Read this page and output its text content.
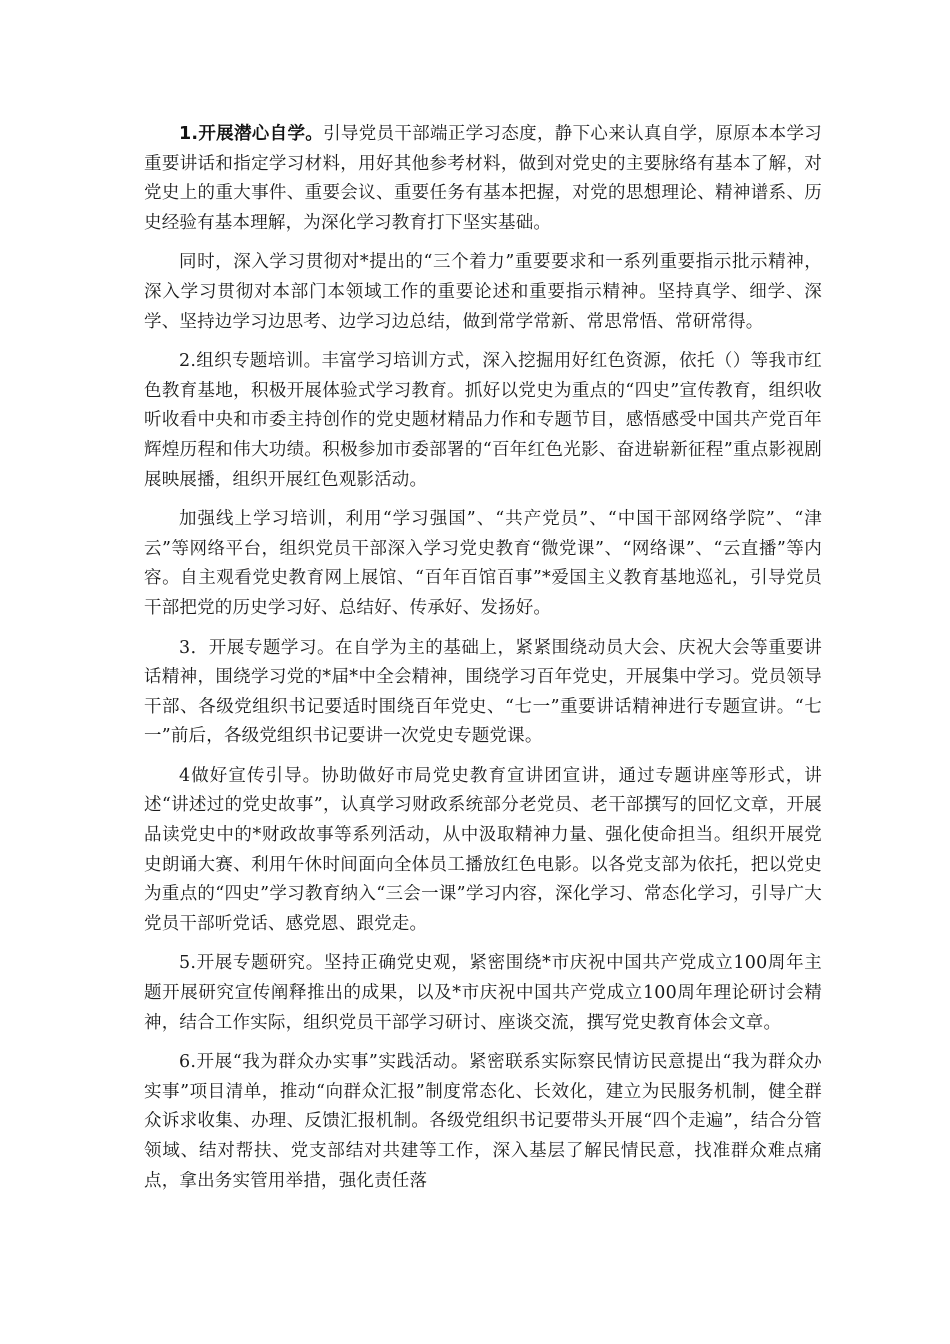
1.开展潜心自学。引导党员干部端正学习态度，静下心来认真自学，原原本本学习重要讲话和指定学习材料，用好其他参考材料，做到对党史的主要脉络有基本了解，对党史上的重大事件、重要会议、重要任务有基本把握，对党的思想理论、精神谱系、历史经验有基本理解，为深化学习教育打下坚实基础。

同时，深入学习贯彻对*提出的“三个着力”重要要求和一系列重要指示批示精神，深入学习贯彻对本部门本领域工作的重要论述和重要指示精神。坚持真学、细学、深学、坚持边学习边思考、边学习边总结，做到常学常新、常思常悟、常研常得。

2.组织专题培训。丰富学习培训方式，深入挖掘用好红色资源，依托（）等我市红色教育基地，积极开展体验式学习教育。抓好以党史为重点的“四史”宣传教育，组织收听收看中央和市委主持创作的党史题材精品力作和专题节目，感悟感受中国共产党百年辉煌历程和伟大功绩。积极参加市委部署的“百年红色光影、奋进崭新征程”重点影视剧展映展播，组织开展红色观影活动。

加强线上学习培训，利用“学习强国”、“共产党员”、“中国干部网络学院”、“津云”等网络平台，组织党员干部深入学习党史教育“微党课”、“网络课”、“云直播”等内容。自主观看党史教育网上展馆、“百年百馆百事”*爱国主义教育基地巡礼，引导党员干部把党的历史学习好、总结好、传承好、发扬好。

3．开展专题学习。在自学为主的基础上，紧紧围绕动员大会、庆祝大会等重要讲话精神，围绕学习党的*届*中全会精神，围绕学习百年党史，开展集中学习。党员领导干部、各级党组织书记要适时围绕百年党史、“七一”重要讲话精神进行专题宣讲。“七一”前后，各级党组织书记要讲一次党史专题党课。

4做好宣传引导。协助做好市局党史教育宣讲团宣讲，通过专题讲座等形式，讲述“讲述过的党史故事”，认真学习财政系统部分老党员、老干部撰写的回忆文章，开展品读党史中的*财政故事等系列活动，从中汲取精神力量、强化使命担当。组织开展党史朗诵大赛、利用午休时间面向全体员工播放红色电影。以各党支部为依托，把以党史为重点的“四史”学习教育纳入“三会一课”学习内容，深化学习、常态化学习，引导广大党员干部听党话、感党恩、跟党走。

5.开展专题研究。坚持正确党史观，紧密围绕*市庆祝中国共产党成立100周年主题开展研究宣传阐释推出的成果，以及*市庆祝中国共产党成立100周年理论研讨会精神，结合工作实际，组织党员干部学习研讨、座谈交流，撰写党史教育体会文章。

6.开展“我为群众办实事”实践活动。紧密联系实际察民情访民意提出“我为群众办实事”项目清单，推动“向群众汇报”制度常态化、长效化，建立为民服务机制，健全群众诉求收集、办理、反馈汇报机制。各级党组织书记要带头开展“四个走遍”，结合分管领域、结对帮扶、党支部结对共建等工作，深入基层了解民情民意，找准群众难点痛点，拿出务实管用举措，强化责任落
